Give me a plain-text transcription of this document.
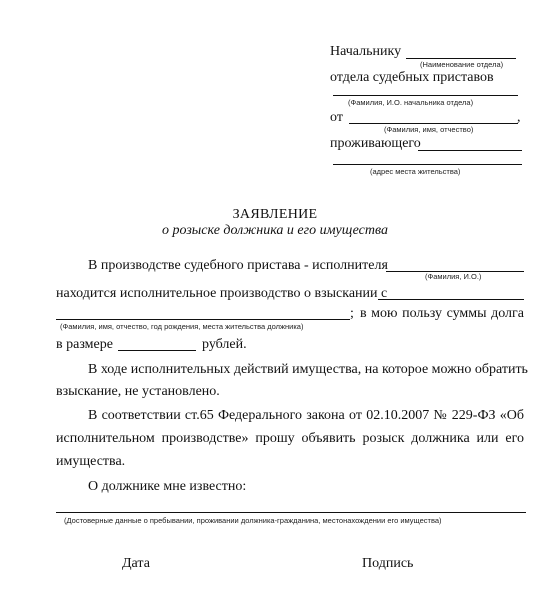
Начальнику
(Наименование отдела)
отдела судебных приставов
(Фамилия, И.О. начальника отдела)
от	,
(Фамилия, имя, отчество)
проживающего
(адрес места жительства)
ЗАЯВЛЕНИЕ
о розыске должника и его имущества
В производстве судебного пристава - исполнителя
(Фамилия, И.О.)
находится исполнительное производство о взыскании с
; в мою пользу суммы долга
(Фамилия, имя, отчество, год рождения, места жительства должника)
в размере	рублей.
В ходе исполнительных действий имущества, на которое можно обратить
взыскание, не установлено.
В соответствии ст.65 Федерального закона от 02.10.2007 № 229-ФЗ «Об
исполнительном производстве» прошу объявить розыск должника или его
имущества.
О должнике мне известно:
(Достоверные данные о пребывании, проживании должника-гражданина, местонахождении его имущества)
Дата	Подпись
